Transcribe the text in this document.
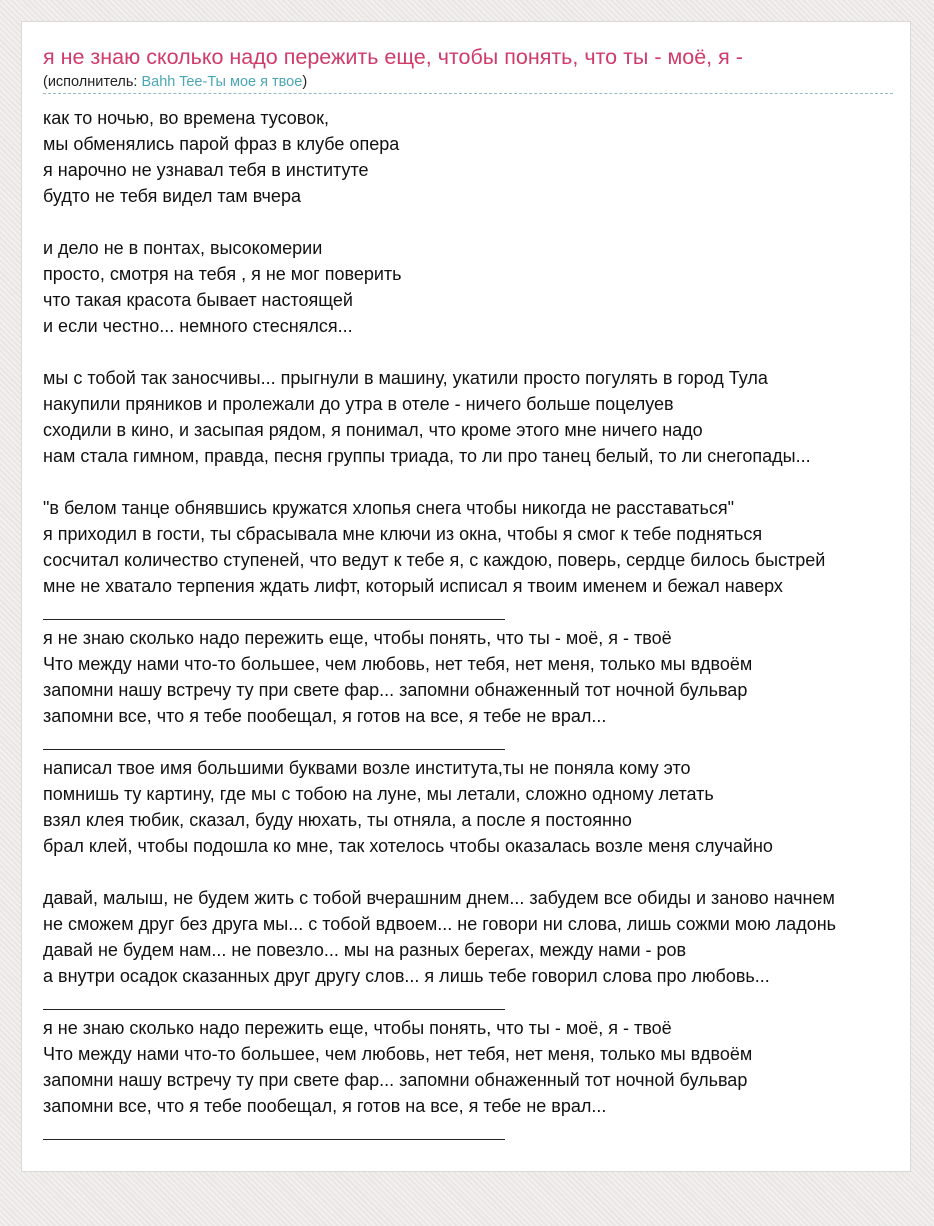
я не знаю сколько надо пережить еще, чтобы понять, что ты - моё, я -
(исполнитель: Bahh Tee-Ты мое я твое)
как то ночью, во времена тусовок,
мы обменялись парой фраз в клубе опера
я нарочно не узнавал тебя в институте
будто не тебя видел там вчера
и дело не в понтах, высокомерии
просто, смотря на тебя , я не мог поверить
что такая красота бывает настоящей
и если честно... немного стеснялся...
мы с тобой так заносчивы... прыгнули в машину, укатили просто погулять в город Тула
накупили пряников и пролежали до утра в отеле - ничего больше поцелуев
сходили в кино, и засыпая рядом, я понимал, что кроме этого мне ничего надо
нам стала гимном, правда, песня группы триада, то ли про танец белый, то ли снегопады...
"в белом танце обнявшись кружатся хлопья снега чтобы никогда не расставаться"
я приходил в гости, ты сбрасывала мне ключи из окна, чтобы я смог к тебе подняться
сосчитал количество ступеней, что ведут к тебе я, с каждою, поверь, сердце билось быстрей
мне не хватало терпения ждать лифт, который исписал я твоим именем и бежал наверх
я не знаю сколько надо пережить еще, чтобы понять, что ты - моё, я - твоё
Что между нами что-то большее, чем любовь, нет тебя, нет меня, только мы вдвоём
запомни нашу встречу ту при свете фар... запомни обнаженный тот ночной бульвар
запомни все, что я тебе пообещал, я готов на все, я тебе не врал...
написал твое имя большими буквами возле института,ты не поняла кому это
помнишь ту картину, где мы с тобою на луне, мы летали, сложно одному летать
взял клея тюбик, сказал, буду нюхать, ты отняла, а после я постоянно
брал клей, чтобы подошла ко мне, так хотелось чтобы оказалась возле меня случайно
давай, малыш, не будем жить с тобой вчерашним днем... забудем все обиды и заново начнем
не сможем друг без друга мы... с тобой вдвоем... не говори ни слова, лишь сожми мою ладонь
давай не будем нам... не повезло... мы на разных берегах, между нами - ров
а внутри осадок сказанных друг другу слов... я лишь тебе говорил слова про любовь...
я не знаю сколько надо пережить еще, чтобы понять, что ты - моё, я - твоё
Что между нами что-то большее, чем любовь, нет тебя, нет меня, только мы вдвоём
запомни нашу встречу ту при свете фар... запомни обнаженный тот ночной бульвар
запомни все, что я тебе пообещал, я готов на все, я тебе не врал...
